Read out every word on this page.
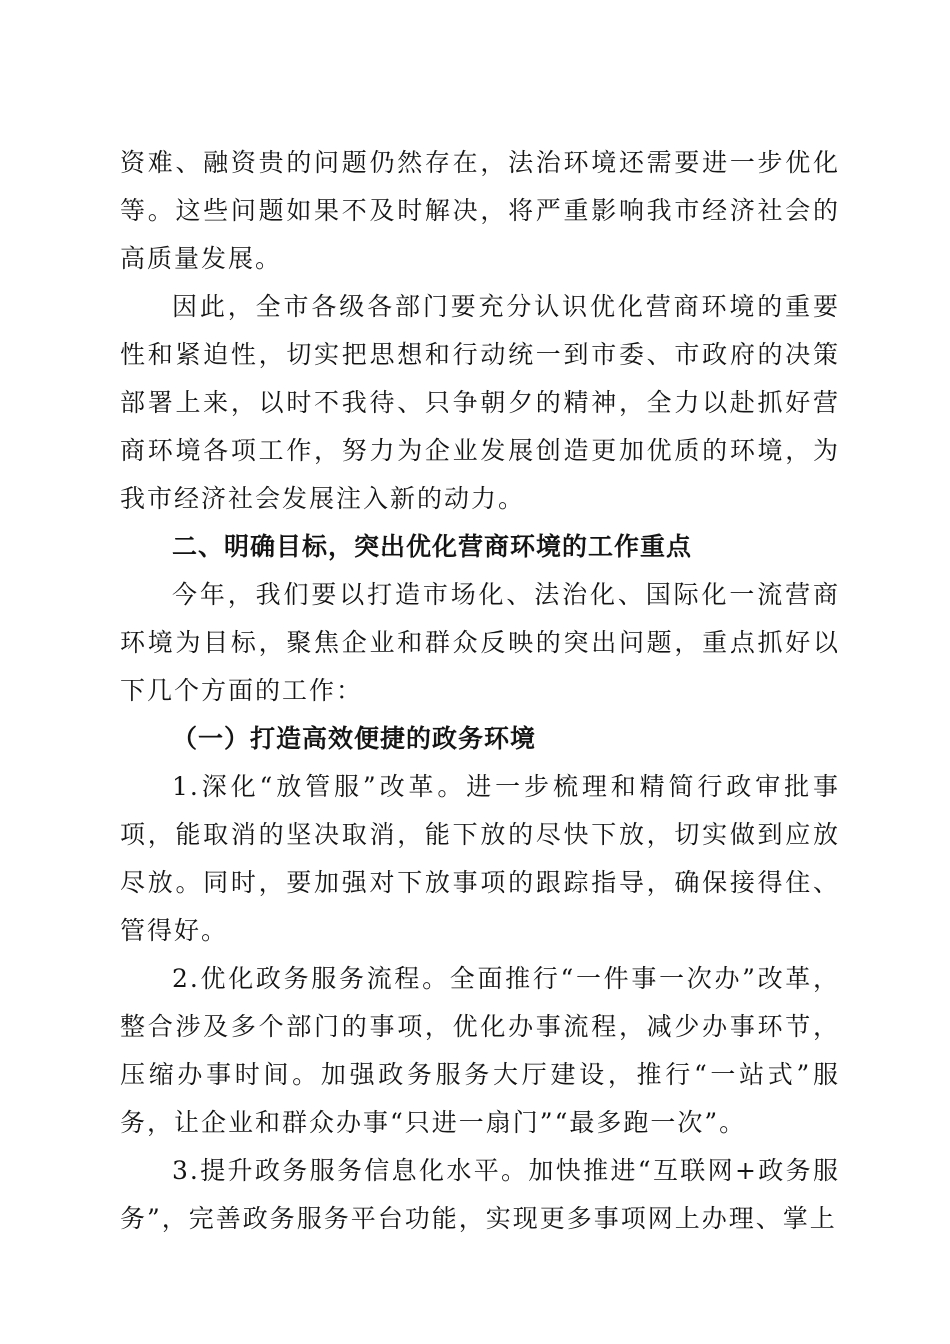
资难、融资贵的问题仍然存在，法治环境还需要进一步优化等。这些问题如果不及时解决，将严重影响我市经济社会的高质量发展。

因此，全市各级各部门要充分认识优化营商环境的重要性和紧迫性，切实把思想和行动统一到市委、市政府的决策部署上来，以时不我待、只争朝夕的精神，全力以赴抓好营商环境各项工作，努力为企业发展创造更加优质的环境，为我市经济社会发展注入新的动力。

二、明确目标，突出优化营商环境的工作重点

今年，我们要以打造市场化、法治化、国际化一流营商环境为目标，聚焦企业和群众反映的突出问题，重点抓好以下几个方面的工作：

（一）打造高效便捷的政务环境

1.深化“放管服”改革。进一步梳理和精简行政审批事项，能取消的坚决取消，能下放的尽快下放，切实做到应放尽放。同时，要加强对下放事项的跟踪指导，确保接得住、管得好。

2.优化政务服务流程。全面推行“一件事一次办”改革，整合涉及多个部门的事项，优化办事流程，减少办事环节，压缩办事时间。加强政务服务大厅建设，推行“一站式”服务，让企业和群众办事“只进一扇门”“最多跑一次”。

3.提升政务服务信息化水平。加快推进“互联网+政务服务”，完善政务服务平台功能，实现更多事项网上办理、掌上
